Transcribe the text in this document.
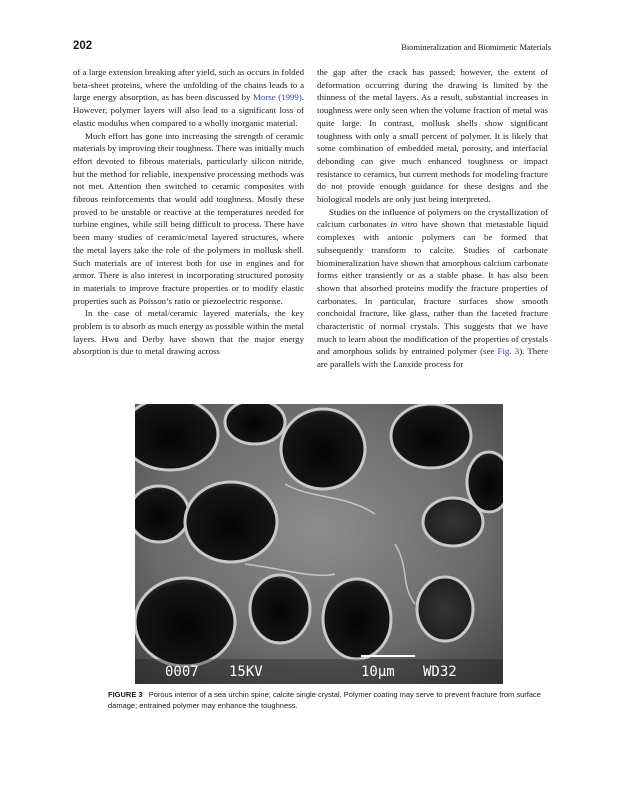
202	Biomineralization and Biomimetic Materials

of a large extension breaking after yield, such as occurs in folded beta-sheet proteins, where the unfolding of the chains leads to a large energy absorption, as has been discussed by Morse (1999). However, polymer layers will also lead to a significant loss of elastic modulus when compared to a wholly inorganic material.

Much effort has gone into increasing the strength of ceramic materials by improving their toughness. There was initially much effort devoted to fibrous materials, particularly silicon nitride, but the method for reliable, inexpensive processing methods was not met. Attention then switched to ceramic composites with fibrous reinforcements that would add toughness. Mostly these proved to be unstable or reactive at the temperatures needed for turbine engines, while still being difficult to process. There have been many studies of ceramic/metal layered structures, where the metal layers take the role of the polymers in mollusk shell. Such materials are of interest both for use in engines and for armor. There is also interest in incorporating structured porosity in materials to improve fracture properties or to modify elastic properties such as Poisson’s ratio or piezoelectric response.

In the case of metal/ceramic layered materials, the key problem is to absorb as much energy as possible within the metal layers. Hwu and Derby have shown that the major energy absorption is due to metal drawing across

the gap after the crack has passed; however, the extent of deformation occurring during the drawing is limited by the thinness of the metal layers. As a result, substantial increases in toughness were only seen when the volume fraction of metal was quite large. In contrast, mollusk shells show significant toughness with only a small percent of polymer. It is likely that some combination of embedded metal, porosity, and interfacial debonding can give much enhanced toughness or impact resistance to ceramics, but current methods for modeling fracture do not provide enough guidance for these designs and the biological models are only just being interpreted.

Studies on the influence of polymers on the crystallization of calcium carbonates in vitro have shown that metastable liquid complexes with anionic polymers can be formed that subsequently transform to calcite. Studies of carbonate biomineralization have shown that amorphous calcium carbonate forms either transiently or as a stable phase. It has also been shown that absorbed proteins modify the fracture properties of carbonates. In particular, fracture surfaces show smooth conchoidal fracture, like glass, rather than the faceted fracture characteristic of normal crystals. This suggests that we have much to learn about the modification of the properties of crystals and amorphous solids by entrained polymer (see Fig. 3). There are parallels with the Lanxide process for

0007 15KV	10μm WD32
FIGURE 3 Porous interior of a sea urchin spine; calcite single crystal. Polymer coating may serve to prevent fracture from surface damage; entrained polymer may enhance the toughness.
